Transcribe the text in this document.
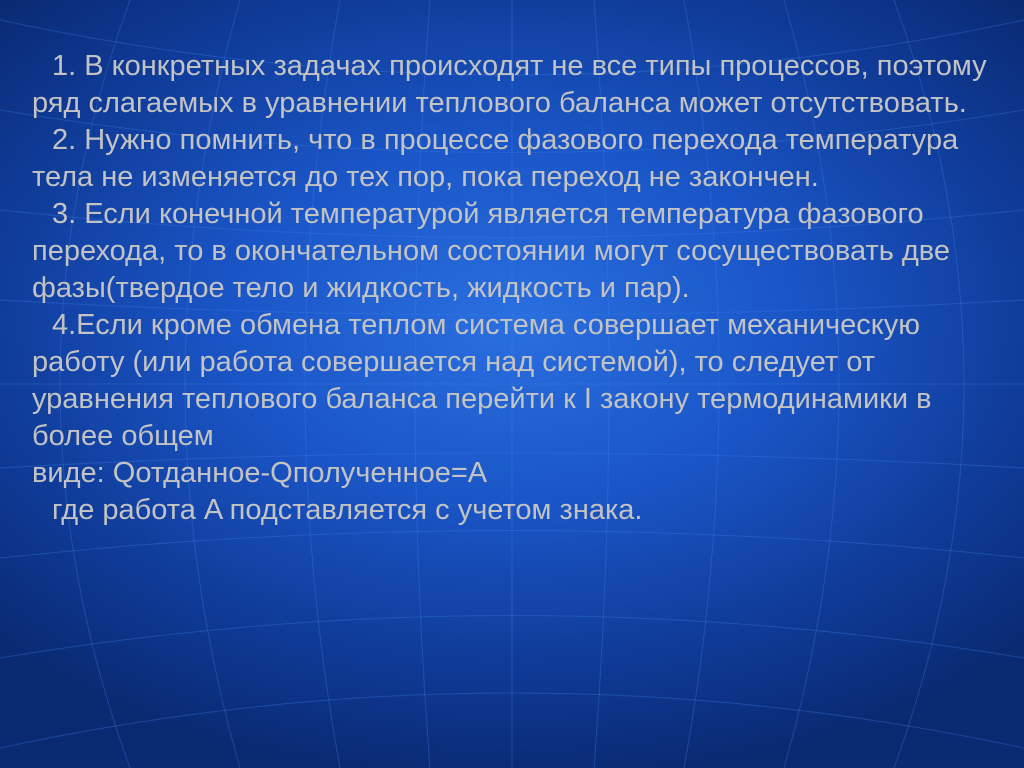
1. В конкретных задачах происходят не все типы процессов, поэтому ряд слагаемых в уравнении теплового баланса может отсутствовать.

2. Нужно помнить, что в процессе фазового перехода температура тела не изменяется до тех пор, пока переход не закончен.

3. Если конечной температурой является температура фазового перехода, то в окончательном состоянии могут сосуществовать две фазы(твердое тело и жидкость, жидкость и пар).

4.Если кроме обмена теплом система совершает механическую работу (или работа совершается над системой), то следует от уравнения теплового баланса перейти к I закону термодинамики в более общем

виде: Qотданное-Qполученное=A

где работа A подставляется с учетом знака.
